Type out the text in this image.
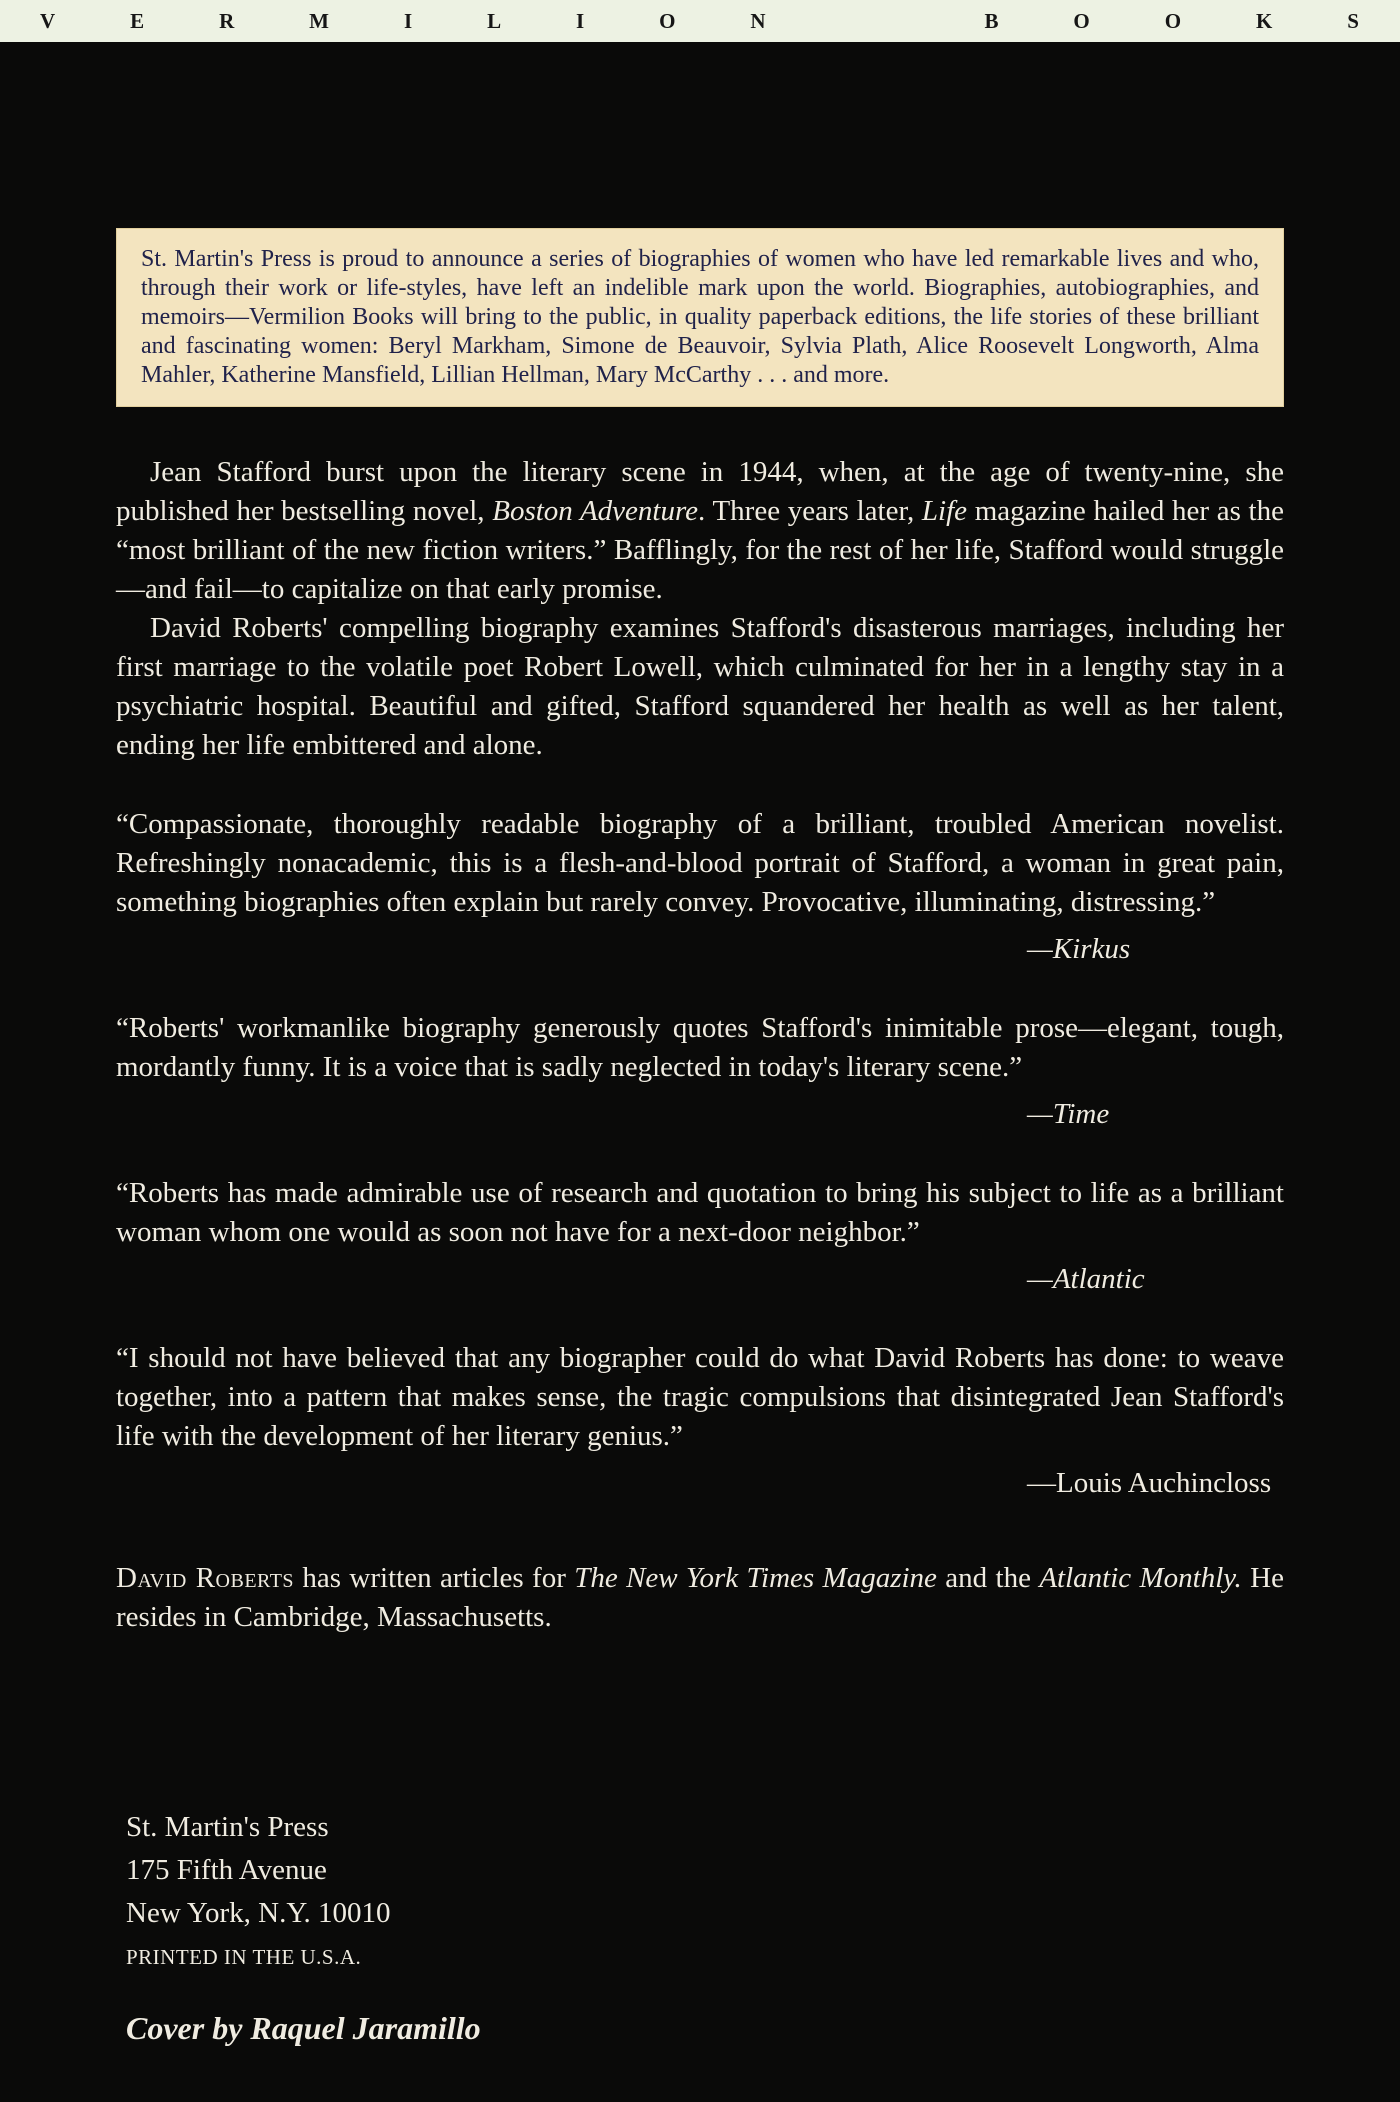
V	E	R	M	I	L	I	O	N	B	O	O	K	S
St. Martin's Press is proud to announce a series of biographies of women who have led remarkable lives and who, through their work or life-styles, have left an indelible mark upon the world. Biographies, autobiographies, and memoirs—Vermilion Books will bring to the public, in quality paperback editions, the life stories of these brilliant and fascinating women: Beryl Markham, Simone de Beauvoir, Sylvia Plath, Alice Roosevelt Longworth, Alma Mahler, Katherine Mansfield, Lillian Hellman, Mary McCarthy . . . and more.

Jean Stafford burst upon the literary scene in 1944, when, at the age of twenty-nine, she published her bestselling novel, Boston Adventure. Three years later, Life magazine hailed her as the “most brilliant of the new fiction writers.” Bafflingly, for the rest of her life, Stafford would struggle—and fail—to capitalize on that early promise.

David Roberts' compelling biography examines Stafford's disasterous marriages, including her first marriage to the volatile poet Robert Lowell, which culminated for her in a lengthy stay in a psychiatric hospital. Beautiful and gifted, Stafford squandered her health as well as her talent, ending her life embittered and alone.

“Compassionate, thoroughly readable biography of a brilliant, troubled American novelist. Refreshingly nonacademic, this is a flesh-and-blood portrait of Stafford, a woman in great pain, something biographies often explain but rarely convey. Provocative, illuminating, distressing.”

—Kirkus

“Roberts' workmanlike biography generously quotes Stafford's inimitable prose—elegant, tough, mordantly funny. It is a voice that is sadly neglected in today's literary scene.”

—Time

“Roberts has made admirable use of research and quotation to bring his subject to life as a brilliant woman whom one would as soon not have for a next-door neighbor.”

—Atlantic

“I should not have believed that any biographer could do what David Roberts has done: to weave together, into a pattern that makes sense, the tragic compulsions that disintegrated Jean Stafford's life with the development of her literary genius.”

—Louis Auchincloss

David Roberts has written articles for The New York Times Magazine and the Atlantic Monthly. He resides in Cambridge, Massachusetts.

St. Martin's Press
175 Fifth Avenue
New York, N.Y. 10010
PRINTED IN THE U.S.A.
Cover by Raquel Jaramillo
